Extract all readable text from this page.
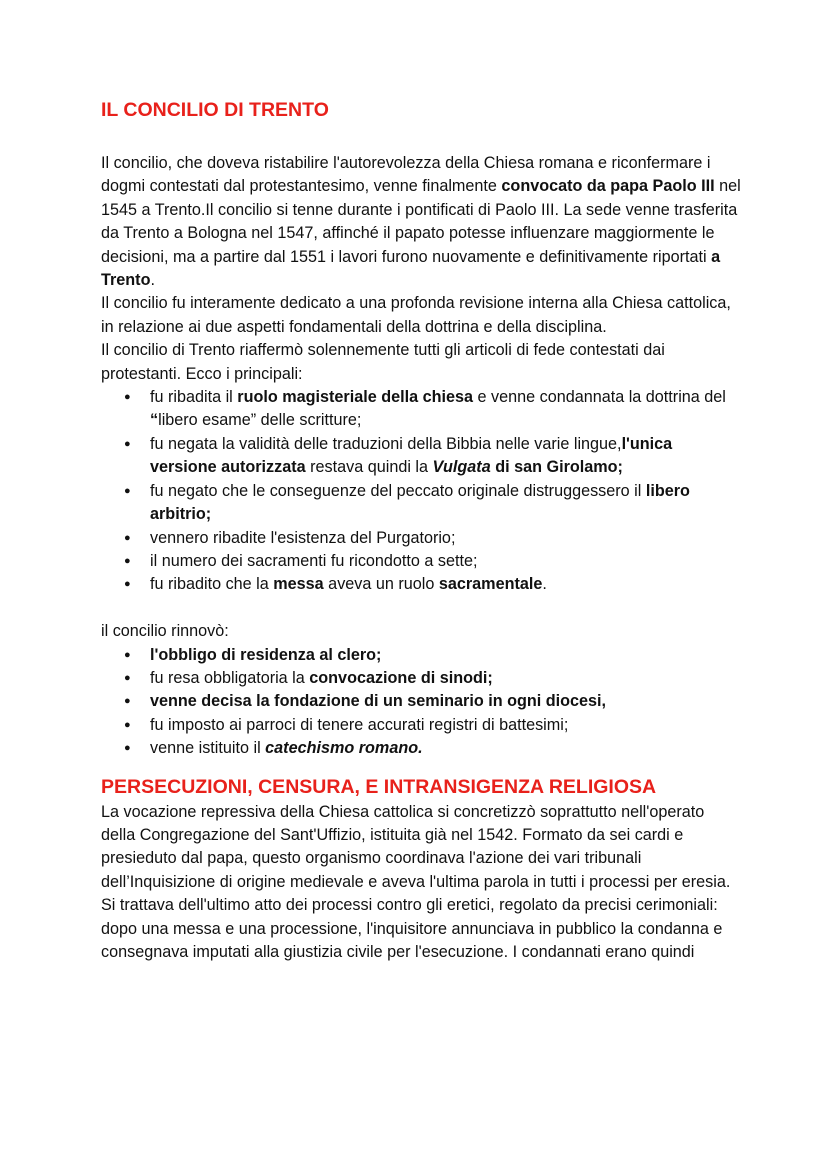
IL CONCILIO DI TRENTO

Il concilio, che doveva ristabilire l'autorevolezza della Chiesa romana e riconfermare i dogmi contestati dal protestantesimo, venne finalmente convocato da papa Paolo III nel 1545 a Trento.Il concilio si tenne durante i pontificati di Paolo III. La sede venne trasferita da Trento a Bologna nel 1547, affinché il papato potesse influenzare maggiormente le decisioni, ma a partire dal 1551 i lavori furono nuovamente e definitivamente riportati a Trento.

Il concilio fu interamente dedicato a una profonda revisione interna alla Chiesa cattolica, in relazione ai due aspetti fondamentali della dottrina e della disciplina.

Il concilio di Trento riaffermò solennemente tutti gli articoli di fede contestati dai protestanti. Ecco i principali:

● fu ribadita il ruolo magisteriale della chiesa e venne condannata la dottrina del “libero esame” delle scritture;
● fu negata la validità delle traduzioni della Bibbia nelle varie lingue,l'unica versione autorizzata restava quindi la Vulgata di san Girolamo;
● fu negato che le conseguenze del peccato originale distruggessero il libero arbitrio;
● vennero ribadite l'esistenza del Purgatorio;
● il numero dei sacramenti fu ricondotto a sette;
● fu ribadito che la messa aveva un ruolo sacramentale.

il concilio rinnovò:

● l'obbligo di residenza al clero;
● fu resa obbligatoria la convocazione di sinodi;
● venne decisa la fondazione di un seminario in ogni diocesi,
● fu imposto ai parroci di tenere accurati registri di battesimi;
● venne istituito il catechismo romano.
PERSECUZIONI, CENSURA, E INTRANSIGENZA RELIGIOSA

La vocazione repressiva della Chiesa cattolica si concretizzò soprattutto nell'operato della Congregazione del Sant'Uffizio, istituita già nel 1542. Formato da sei cardi e presieduto dal papa, questo organismo coordinava l'azione dei vari tribunali dell’Inquisizione di origine medievale e aveva l'ultima parola in tutti i processi per eresia. Si trattava dell'ultimo atto dei processi contro gli eretici, regolato da precisi cerimoniali: dopo una messa e una processione, l'inquisitore annunciava in pubblico la condanna e consegnava imputati alla giustizia civile per l'esecuzione. I condannati erano quindi
